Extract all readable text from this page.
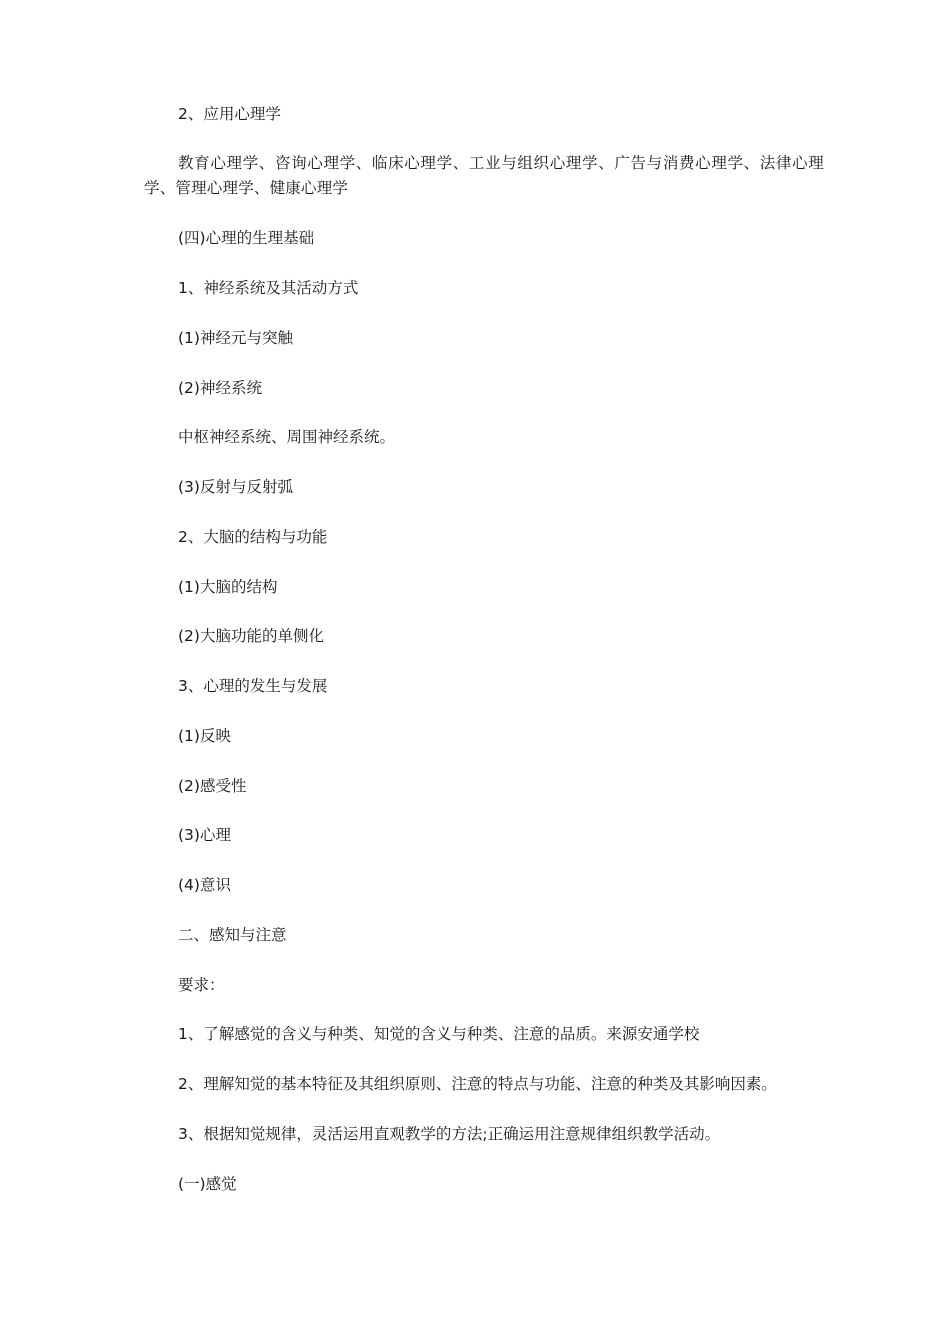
2、应用心理学

教育心理学、咨询心理学、临床心理学、工业与组织心理学、广告与消费心理学、法律心理学、管理心理学、健康心理学

(四)心理的生理基础

1、神经系统及其活动方式

(1)神经元与突触

(2)神经系统

中枢神经系统、周围神经系统。

(3)反射与反射弧

2、大脑的结构与功能

(1)大脑的结构

(2)大脑功能的单侧化

3、心理的发生与发展

(1)反映

(2)感受性

(3)心理

(4)意识

二、感知与注意

要求：

1、了解感觉的含义与种类、知觉的含义与种类、注意的品质。来源安通学校

2、理解知觉的基本特征及其组织原则、注意的特点与功能、注意的种类及其影响因素。

3、根据知觉规律，灵活运用直观教学的方法;正确运用注意规律组织教学活动。

(一)感觉
